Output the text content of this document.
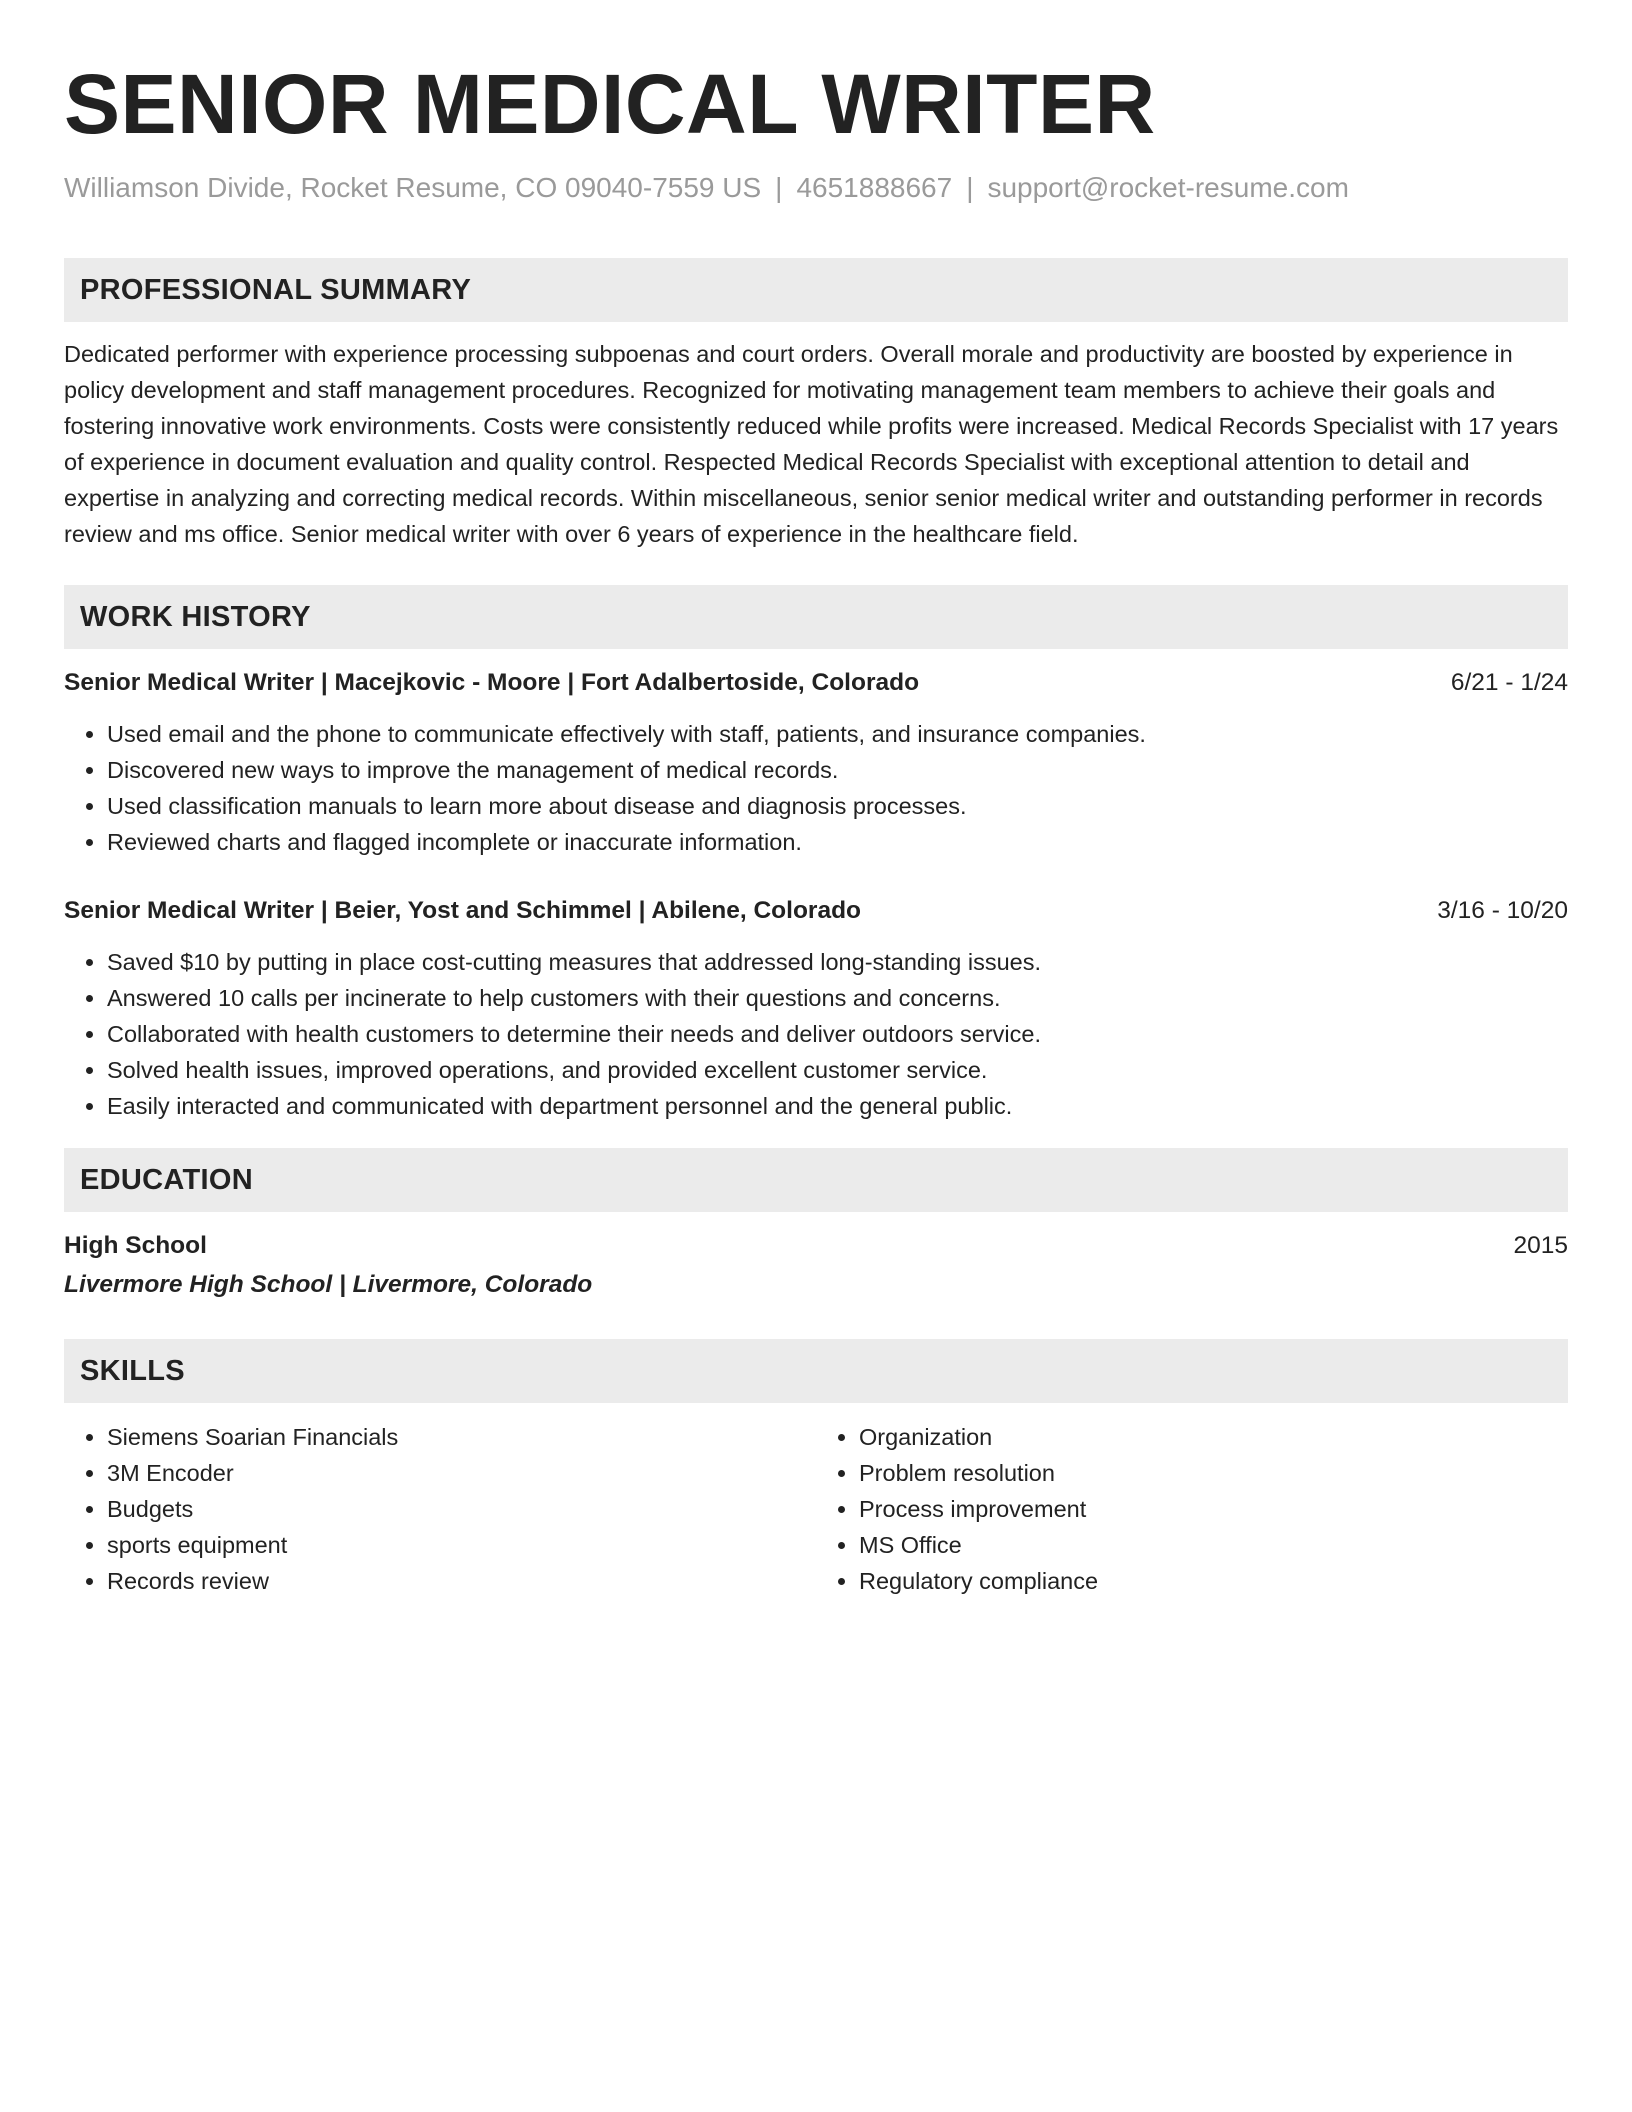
SENIOR MEDICAL WRITER
Williamson Divide, Rocket Resume, CO 09040-7559 US | 4651888667 | support@rocket-resume.com
PROFESSIONAL SUMMARY
Dedicated performer with experience processing subpoenas and court orders. Overall morale and productivity are boosted by experience in policy development and staff management procedures. Recognized for motivating management team members to achieve their goals and fostering innovative work environments. Costs were consistently reduced while profits were increased. Medical Records Specialist with 17 years of experience in document evaluation and quality control. Respected Medical Records Specialist with exceptional attention to detail and expertise in analyzing and correcting medical records. Within miscellaneous, senior senior medical writer and outstanding performer in records review and ms office. Senior medical writer with over 6 years of experience in the healthcare field.
WORK HISTORY
Senior Medical Writer | Macejkovic - Moore | Fort Adalbertoside, Colorado	6/21 - 1/24
• Used email and the phone to communicate effectively with staff, patients, and insurance companies.
• Discovered new ways to improve the management of medical records.
• Used classification manuals to learn more about disease and diagnosis processes.
• Reviewed charts and flagged incomplete or inaccurate information.
Senior Medical Writer | Beier, Yost and Schimmel | Abilene, Colorado	3/16 - 10/20
• Saved $10 by putting in place cost-cutting measures that addressed long-standing issues.
• Answered 10 calls per incinerate to help customers with their questions and concerns.
• Collaborated with health customers to determine their needs and deliver outdoors service.
• Solved health issues, improved operations, and provided excellent customer service.
• Easily interacted and communicated with department personnel and the general public.
EDUCATION
High School	2015
Livermore High School | Livermore, Colorado
SKILLS
• Siemens Soarian Financials
• 3M Encoder
• Budgets
• sports equipment
• Records review
• Organization
• Problem resolution
• Process improvement
• MS Office
• Regulatory compliance
